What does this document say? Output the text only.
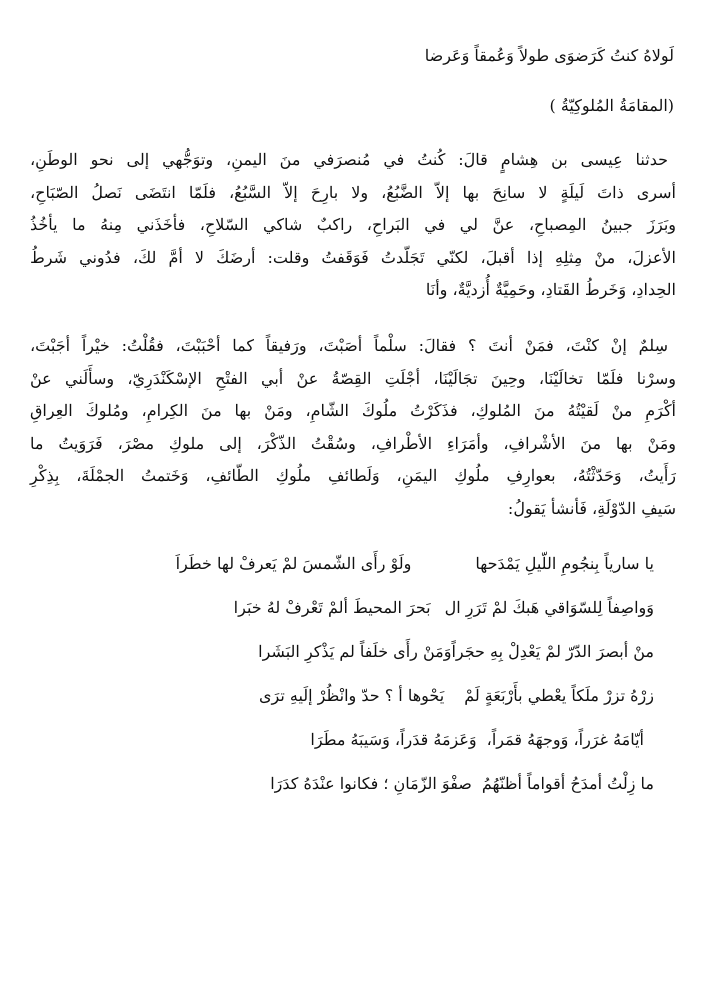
لَولاهُ كنتُ كَرَضوَى طولاً وَعُمقاً وَعَرضا
(المقامَةُ المُلوكِيّةُ )
حدثنا عِيسى بن هِشامٍ قالَ: كُنتُ في مُنصرَفي منَ اليمنِ، وتوَجُّهي إلى نحو الوطَنِ،
أسرى ذاتَ لَيلَةٍ لا سانِحَ بها إلاّ الضَّبُعُ، ولا بارِحَ إلاّ السَّبُعُ، فلَمّا انتَضَى نَصلُ الصّبَاحِ،
وبَرَزَ جبينُ المِصباحِ، عنَّ لي في البَراحِ، راكبٌ شاكي السّلاحِ، فأخَذَني مِنهُ ما يأخُذُ
الأعزلَ، منْ مِثلِهِ إذا أقبلَ، لكنّي تَجَلّدتُ فَوَقَفتُ وقلت: أرضَكَ لا أمَّ لكَ، فدُوني شَرطُ
الحِدادِ، وَخَرطُ القَتادِ، وحَمِيَّةٌ أُزديَّةٌ، وأنَا
سِلمٌ إنْ كنْتَ، فمَنْ أنتَ ؟ فقالَ: سلْماً أصَبْتَ، ورَفيقاً كما أحْبَبْتَ، فقُلْتُ: خيْراً أجَبْتَ،
وسرْنا فلَمّا تخالَيْنَا، وحِينَ تجَالَيْنَا، أجْلَتِ القِصّةُ عنْ أبي الفتْحِ الإسْكَنْدَرِيّ، وسأَلَني عنْ
أكْرَمِ منْ لَقيْتُهُ منَ المُلوكِ، فذَكَرْتُ ملُوكَ الشّامِ، ومَنْ بها منَ الكِرامِ، ومُلوكَ العِراقِ
ومَنْ بها منَ الأشْرافِ، وأمَرَاءِ الأطْرافِ، وسُقْتُ الذّكْرَ، إلى ملوكِ مصْرَ، فَرَوَيتُ ما
رَأَيتُ، وَحَدّثْتُهُ، بعوارِفِ ملُوكِ اليمَنِ، وَلَطائفِ ملُوكِ الطّائفِ، وَخَتمتُ الجمْلَةَ، بِذِكْرِ
سَيفِ الدّوْلَةِ، فَأنشأ يَقولُ:
يا سارياً بِنجُومِ اللّيلِ يَمْدَحها
ولَوْ رأَى الشّمسَ لمْ يَعرفْ لها خطَراَ
وَواصِفاً لِلسّوَاقي هَبكَ لمْ تَرَرِ ال
بَحرَ المحيطَ ألمْ تَعْرفْ لهُ خبَرا
منْ أبصرَ الدّرّ لمْ يَعْدِلْ بِهِ حجَراً
وَمَنْ رأَى خلَفاً لم يَذْكرِ البَشَرا
زرْهُ تزرْ ملَكاً يعْطي بأَرْبَعَةٍ لَمْ
يَحْوها أ ؟ حدّ وانْظُرْ إلَيهِ ترَى
أيّامَهُ غرَراً، وَوجهَهُ قمَراً،
وَعَزمَهُ قدَراً، وَسَيبَهُ مطَرَا
ما زِلْتُ أمدَحُ أقواماً أظنّهُمُ
صفْوَ الزّمَانِ ؛ فكانوا عنْدَهُ كدَرَا
